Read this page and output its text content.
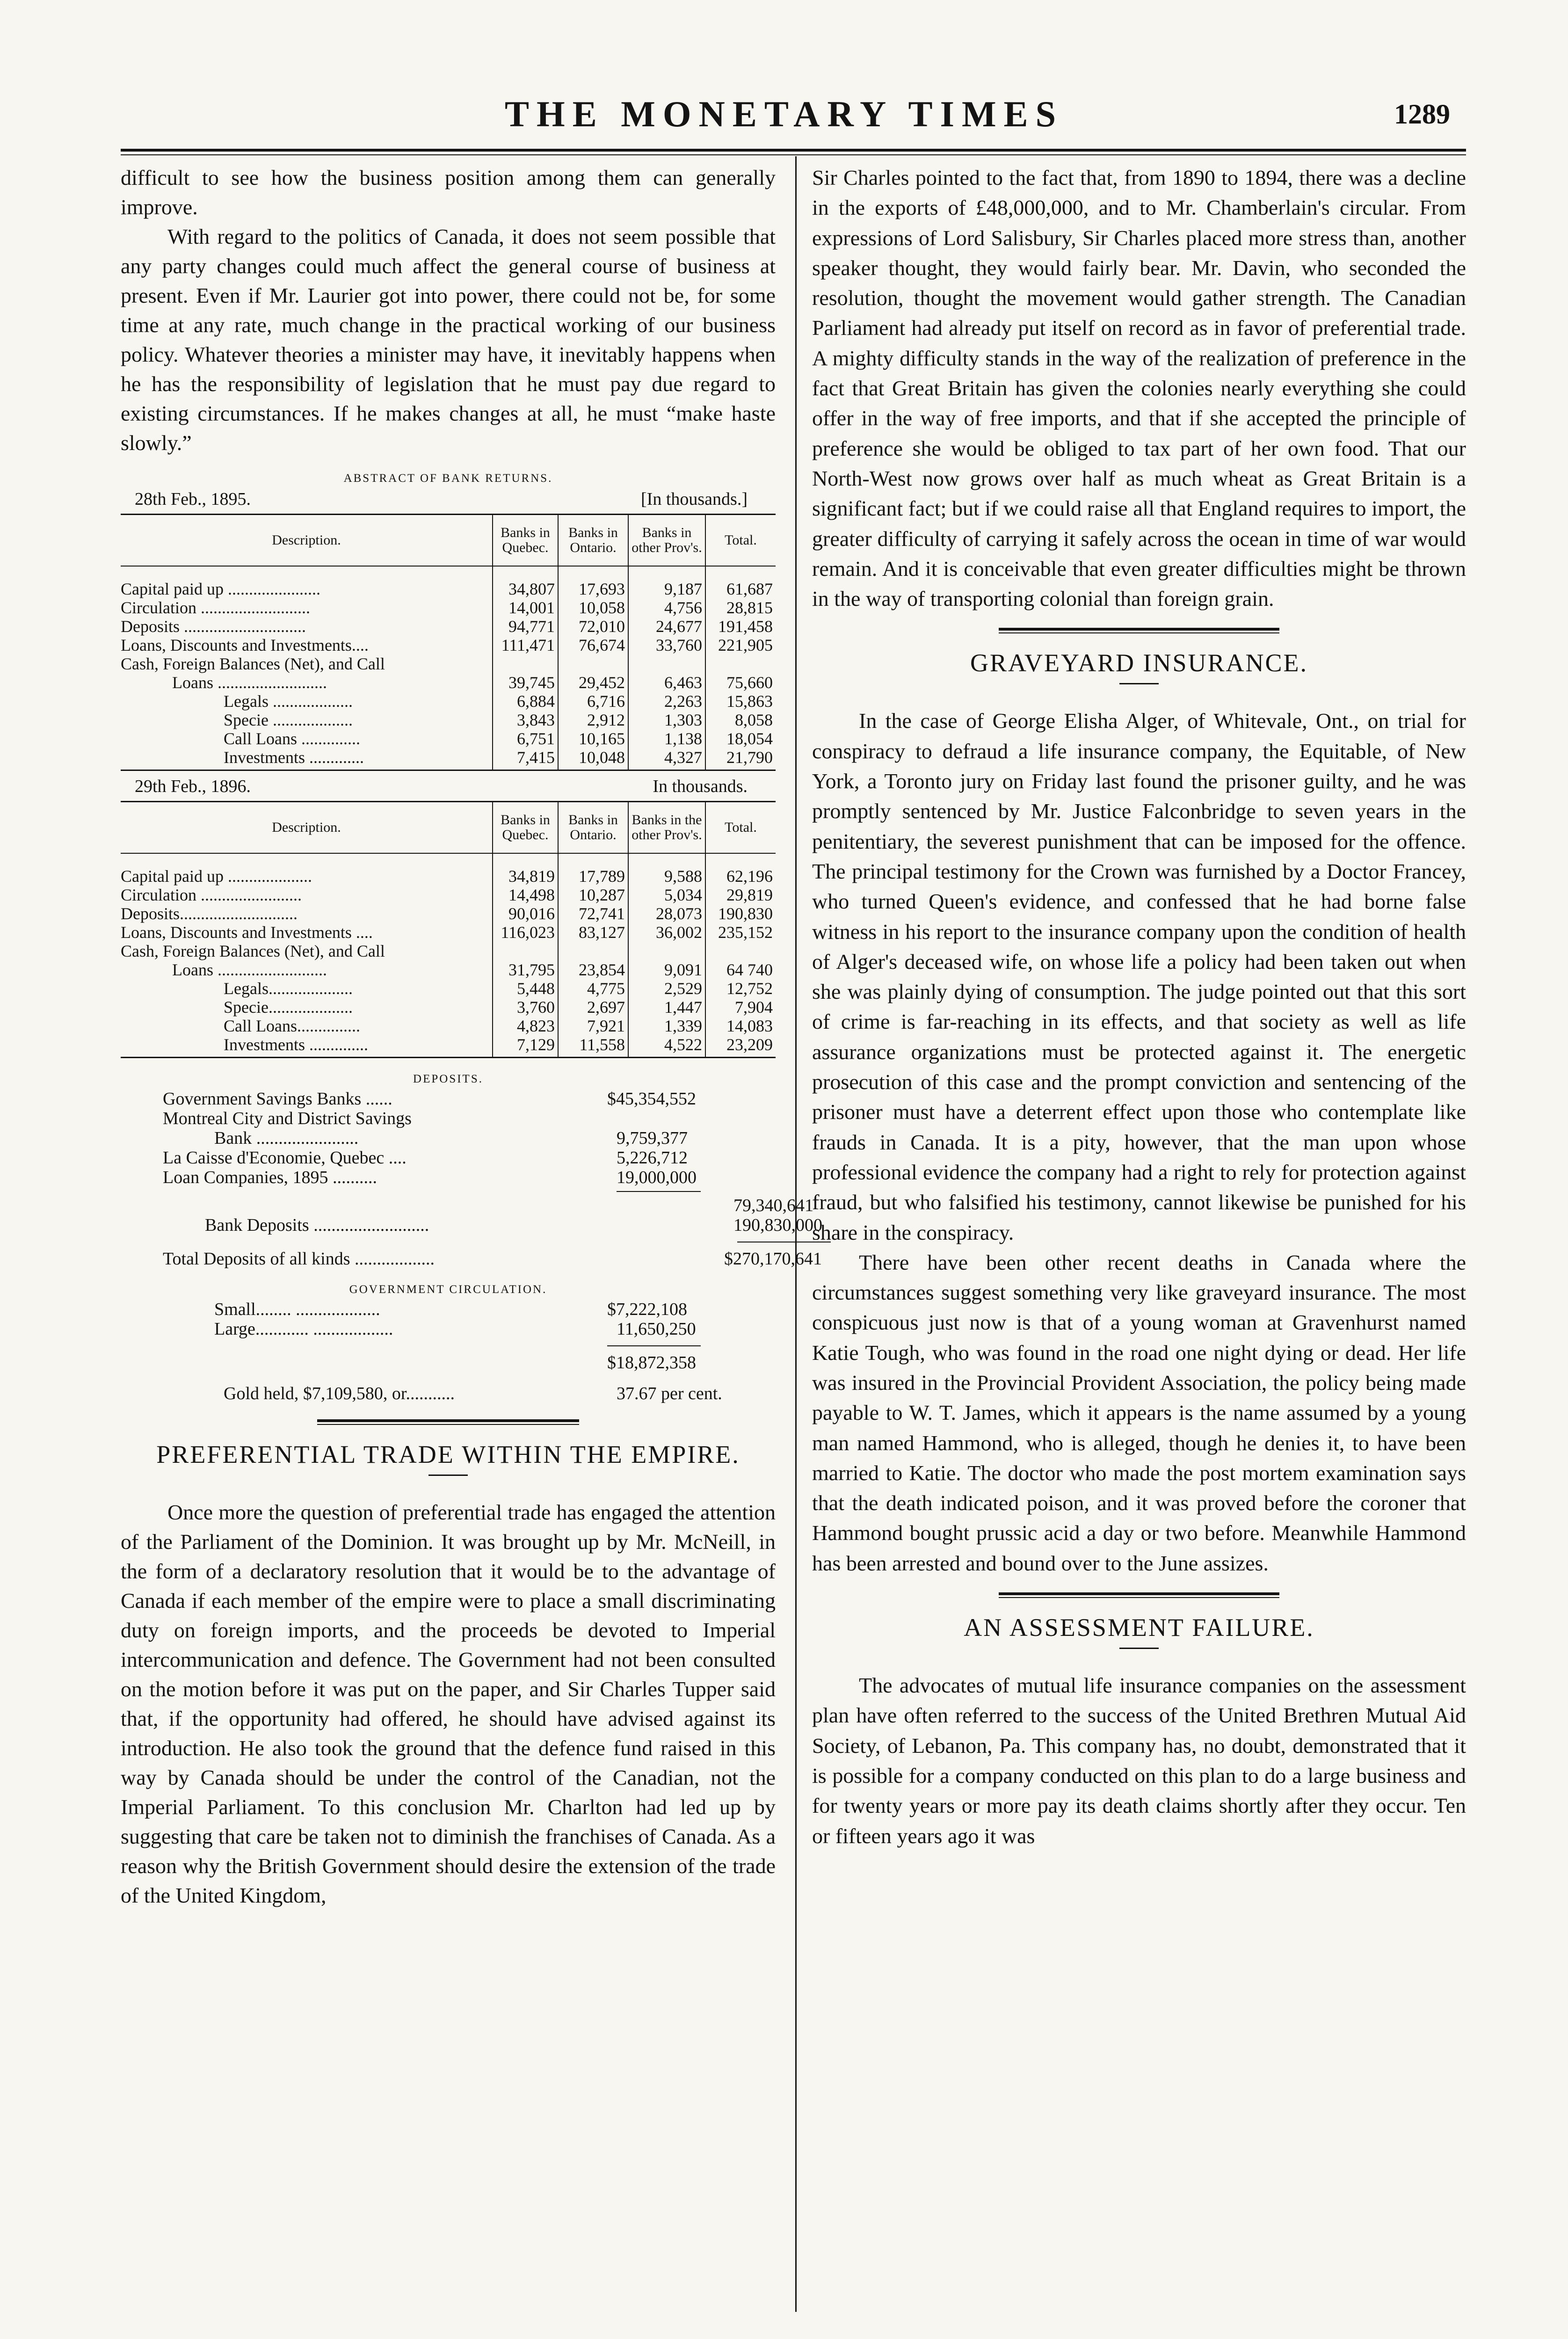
THE MONETARY TIMES	1289

difficult to see how the business position among them can generally improve.

With regard to the politics of Canada, it does not seem possible that any party changes could much affect the general course of business at present. Even if Mr. Laurier got into power, there could not be, for some time at any rate, much change in the practical working of our business policy. Whatever theories a minister may have, it inevitably happens when he has the responsibility of legislation that he must pay due regard to existing circumstances. If he makes changes at all, he must “make haste slowly.”

ABSTRACT OF BANK RETURNS.
28th Feb., 1895.	[In thousands.]
Description.	Banks in Quebec.	Banks in Ontario.	Banks in other Prov's.	Total.
Capital paid up ......................	34,807	17,693	9,187	61,687
Circulation ..........................	14,001	10,058	4,756	28,815
Deposits .............................	94,771	72,010	24,677	191,458
Loans, Discounts and Investments....	111,471	76,674	33,760	221,905
Cash, Foreign Balances (Net), and Call				
Loans ..........................	39,745	29,452	6,463	75,660
Legals ...................	6,884	6,716	2,263	15,863
Specie ...................	3,843	2,912	1,303	8,058
Call Loans ..............	6,751	10,165	1,138	18,054
Investments .............	7,415	10,048	4,327	21,790
29th Feb., 1896.	In thousands.
Description.	Banks in Quebec.	Banks in Ontario.	Banks in the other Prov's.	Total.
Capital paid up ....................	34,819	17,789	9,588	62,196
Circulation ........................	14,498	10,287	5,034	29,819
Deposits............................	90,016	72,741	28,073	190,830
Loans, Discounts and Investments ....	116,023	83,127	36,002	235,152
Cash, Foreign Balances (Net), and Call				
Loans ..........................	31,795	23,854	9,091	64 740
Legals....................	5,448	4,775	2,529	12,752
Specie....................	3,760	2,697	1,447	7,904
Call Loans...............	4,823	7,921	1,339	14,083
Investments ..............	7,129	11,558	4,522	23,209
DEPOSITS.
Government Savings Banks ......	$45,354,552
Montreal City and District Savings
Bank .......................	9,759,377
La Caisse d'Economie, Quebec ....	5,226,712
Loan Companies, 1895 ..........	19,000,000
79,340,641
Bank Deposits ..........................	190,830,000
Total Deposits of all kinds ..................	$270,170,641
GOVERNMENT CIRCULATION.
Small........ ...................	$7,222,108
Large............ ..................	11,650,250
$18,872,358
Gold held, $7,109,580, or...........	37.67 per cent.
PREFERENTIAL TRADE WITHIN THE EMPIRE.

Once more the question of preferential trade has engaged the attention of the Parliament of the Dominion. It was brought up by Mr. McNeill, in the form of a declaratory resolution that it would be to the advantage of Canada if each member of the empire were to place a small discriminating duty on foreign imports, and the proceeds be devoted to Imperial intercommunication and defence. The Government had not been consulted on the motion before it was put on the paper, and Sir Charles Tupper said that, if the opportunity had offered, he should have advised against its introduction. He also took the ground that the defence fund raised in this way by Canada should be under the control of the Canadian, not the Imperial Parliament. To this conclusion Mr. Charlton had led up by suggesting that care be taken not to diminish the franchises of Canada. As a reason why the British Government should desire the extension of the trade of the United Kingdom,

Sir Charles pointed to the fact that, from 1890 to 1894, there was a decline in the exports of £48,000,000, and to Mr. Chamberlain's circular. From expressions of Lord Salisbury, Sir Charles placed more stress than, another speaker thought, they would fairly bear. Mr. Davin, who seconded the resolution, thought the movement would gather strength. The Canadian Parliament had already put itself on record as in favor of preferential trade. A mighty difficulty stands in the way of the realization of preference in the fact that Great Britain has given the colonies nearly everything she could offer in the way of free imports, and that if she accepted the principle of preference she would be obliged to tax part of her own food. That our North-West now grows over half as much wheat as Great Britain is a significant fact; but if we could raise all that England requires to import, the greater difficulty of carrying it safely across the ocean in time of war would remain. And it is conceivable that even greater difficulties might be thrown in the way of transporting colonial than foreign grain.

GRAVEYARD INSURANCE.

In the case of George Elisha Alger, of Whitevale, Ont., on trial for conspiracy to defraud a life insurance company, the Equitable, of New York, a Toronto jury on Friday last found the prisoner guilty, and he was promptly sentenced by Mr. Justice Falconbridge to seven years in the penitentiary, the severest punishment that can be imposed for the offence. The principal testimony for the Crown was furnished by a Doctor Francey, who turned Queen's evidence, and confessed that he had borne false witness in his report to the insurance company upon the condition of health of Alger's deceased wife, on whose life a policy had been taken out when she was plainly dying of consumption. The judge pointed out that this sort of crime is far-reaching in its effects, and that society as well as life assurance organizations must be protected against it. The energetic prosecution of this case and the prompt conviction and sentencing of the prisoner must have a deterrent effect upon those who contemplate like frauds in Canada. It is a pity, however, that the man upon whose professional evidence the company had a right to rely for protection against fraud, but who falsified his testimony, cannot likewise be punished for his share in the conspiracy.

There have been other recent deaths in Canada where the circumstances suggest something very like graveyard insurance. The most conspicuous just now is that of a young woman at Gravenhurst named Katie Tough, who was found in the road one night dying or dead. Her life was insured in the Provincial Provident Association, the policy being made payable to W. T. James, which it appears is the name assumed by a young man named Hammond, who is alleged, though he denies it, to have been married to Katie. The doctor who made the post mortem examination says that the death indicated poison, and it was proved before the coroner that Hammond bought prussic acid a day or two before. Meanwhile Hammond has been arrested and bound over to the June assizes.

AN ASSESSMENT FAILURE.

The advocates of mutual life insurance companies on the assessment plan have often referred to the success of the United Brethren Mutual Aid Society, of Lebanon, Pa. This company has, no doubt, demonstrated that it is possible for a company conducted on this plan to do a large business and for twenty years or more pay its death claims shortly after they occur. Ten or fifteen years ago it was
